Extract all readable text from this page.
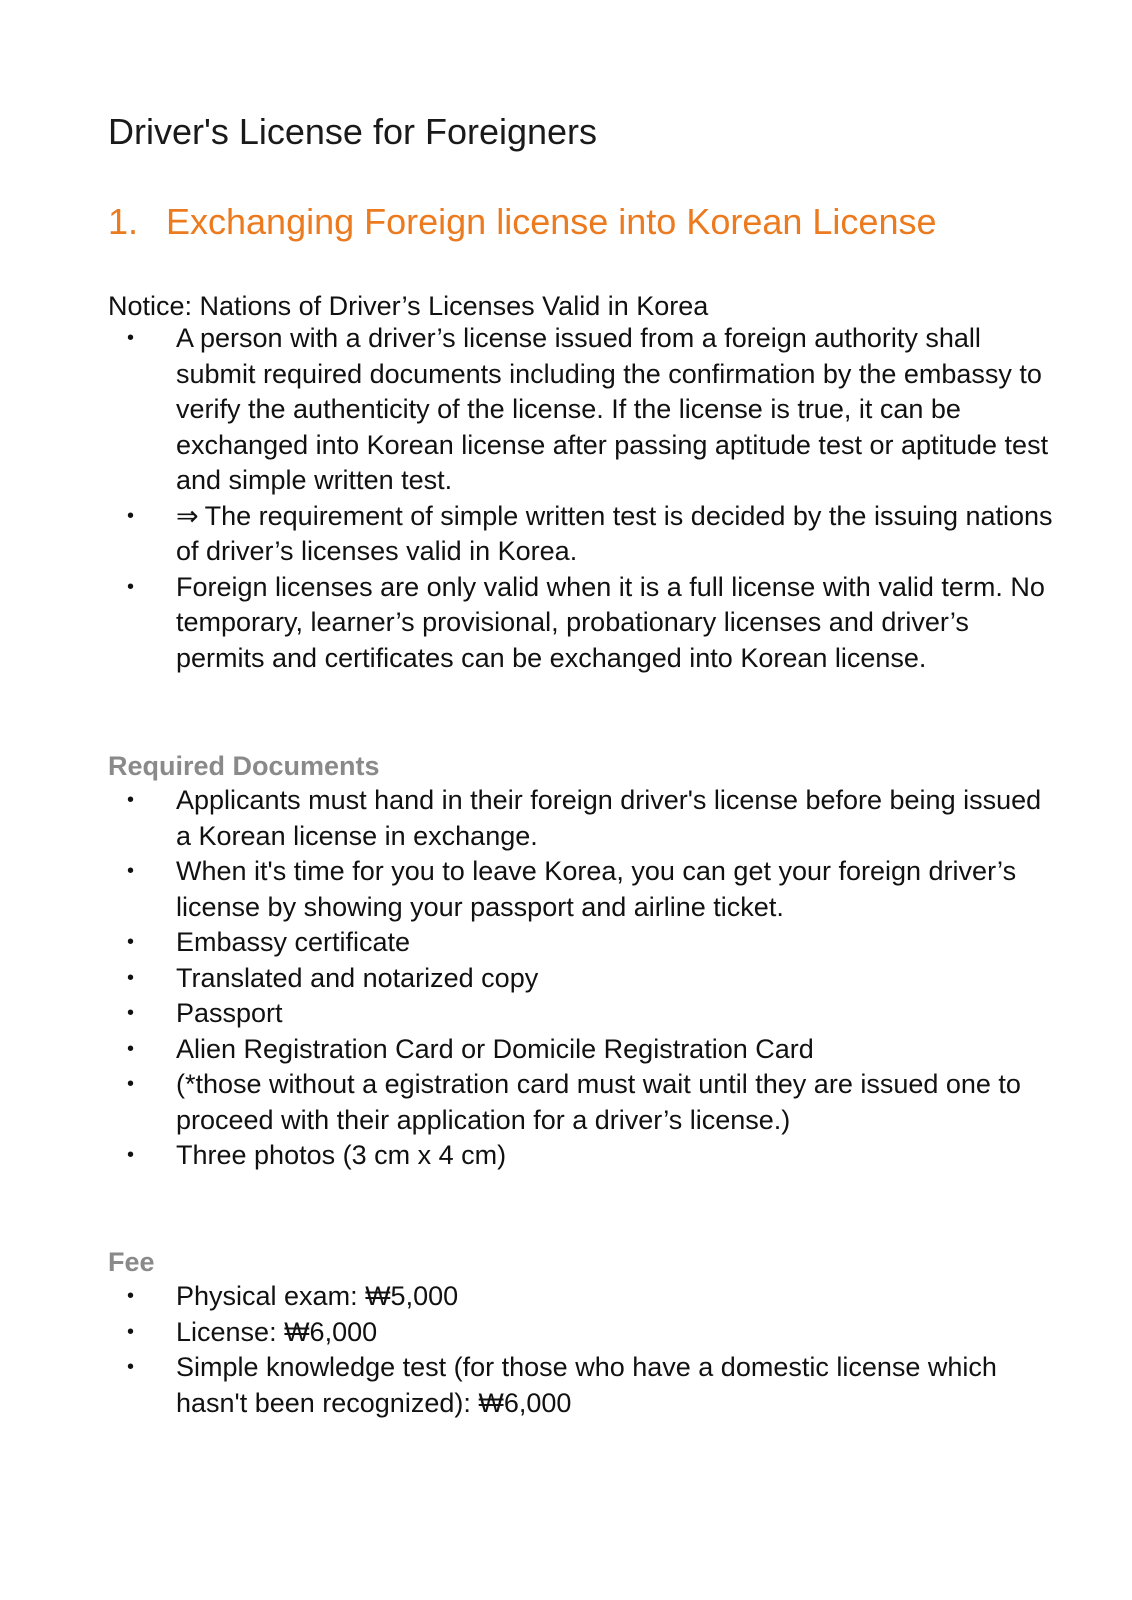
Driver's License for Foreigners
1. Exchanging Foreign license into Korean License
Notice: Nations of Driver’s Licenses Valid in Korea
• A person with a driver’s license issued from a foreign authority shall submit required documents including the confirmation by the embassy to verify the authenticity of the license. If the license is true, it can be exchanged into Korean license after passing aptitude test or aptitude test and simple written test.
• ⇒ The requirement of simple written test is decided by the issuing nations of driver’s licenses valid in Korea.
• Foreign licenses are only valid when it is a full license with valid term. No temporary, learner’s provisional, probationary licenses and driver’s permits and certificates can be exchanged into Korean license.
Required Documents
• Applicants must hand in their foreign driver's license before being issued a Korean license in exchange.
• When it's time for you to leave Korea, you can get your foreign driver’s license by showing your passport and airline ticket.
• Embassy certificate
• Translated and notarized copy
• Passport
• Alien Registration Card or Domicile Registration Card
• (*those without a egistration card must wait until they are issued one to proceed with their application for a driver’s license.)
• Three photos (3 cm x 4 cm)
Fee
• Physical exam: ₩5,000
• License: ₩6,000
• Simple knowledge test (for those who have a domestic license which hasn't been recognized): ₩6,000
